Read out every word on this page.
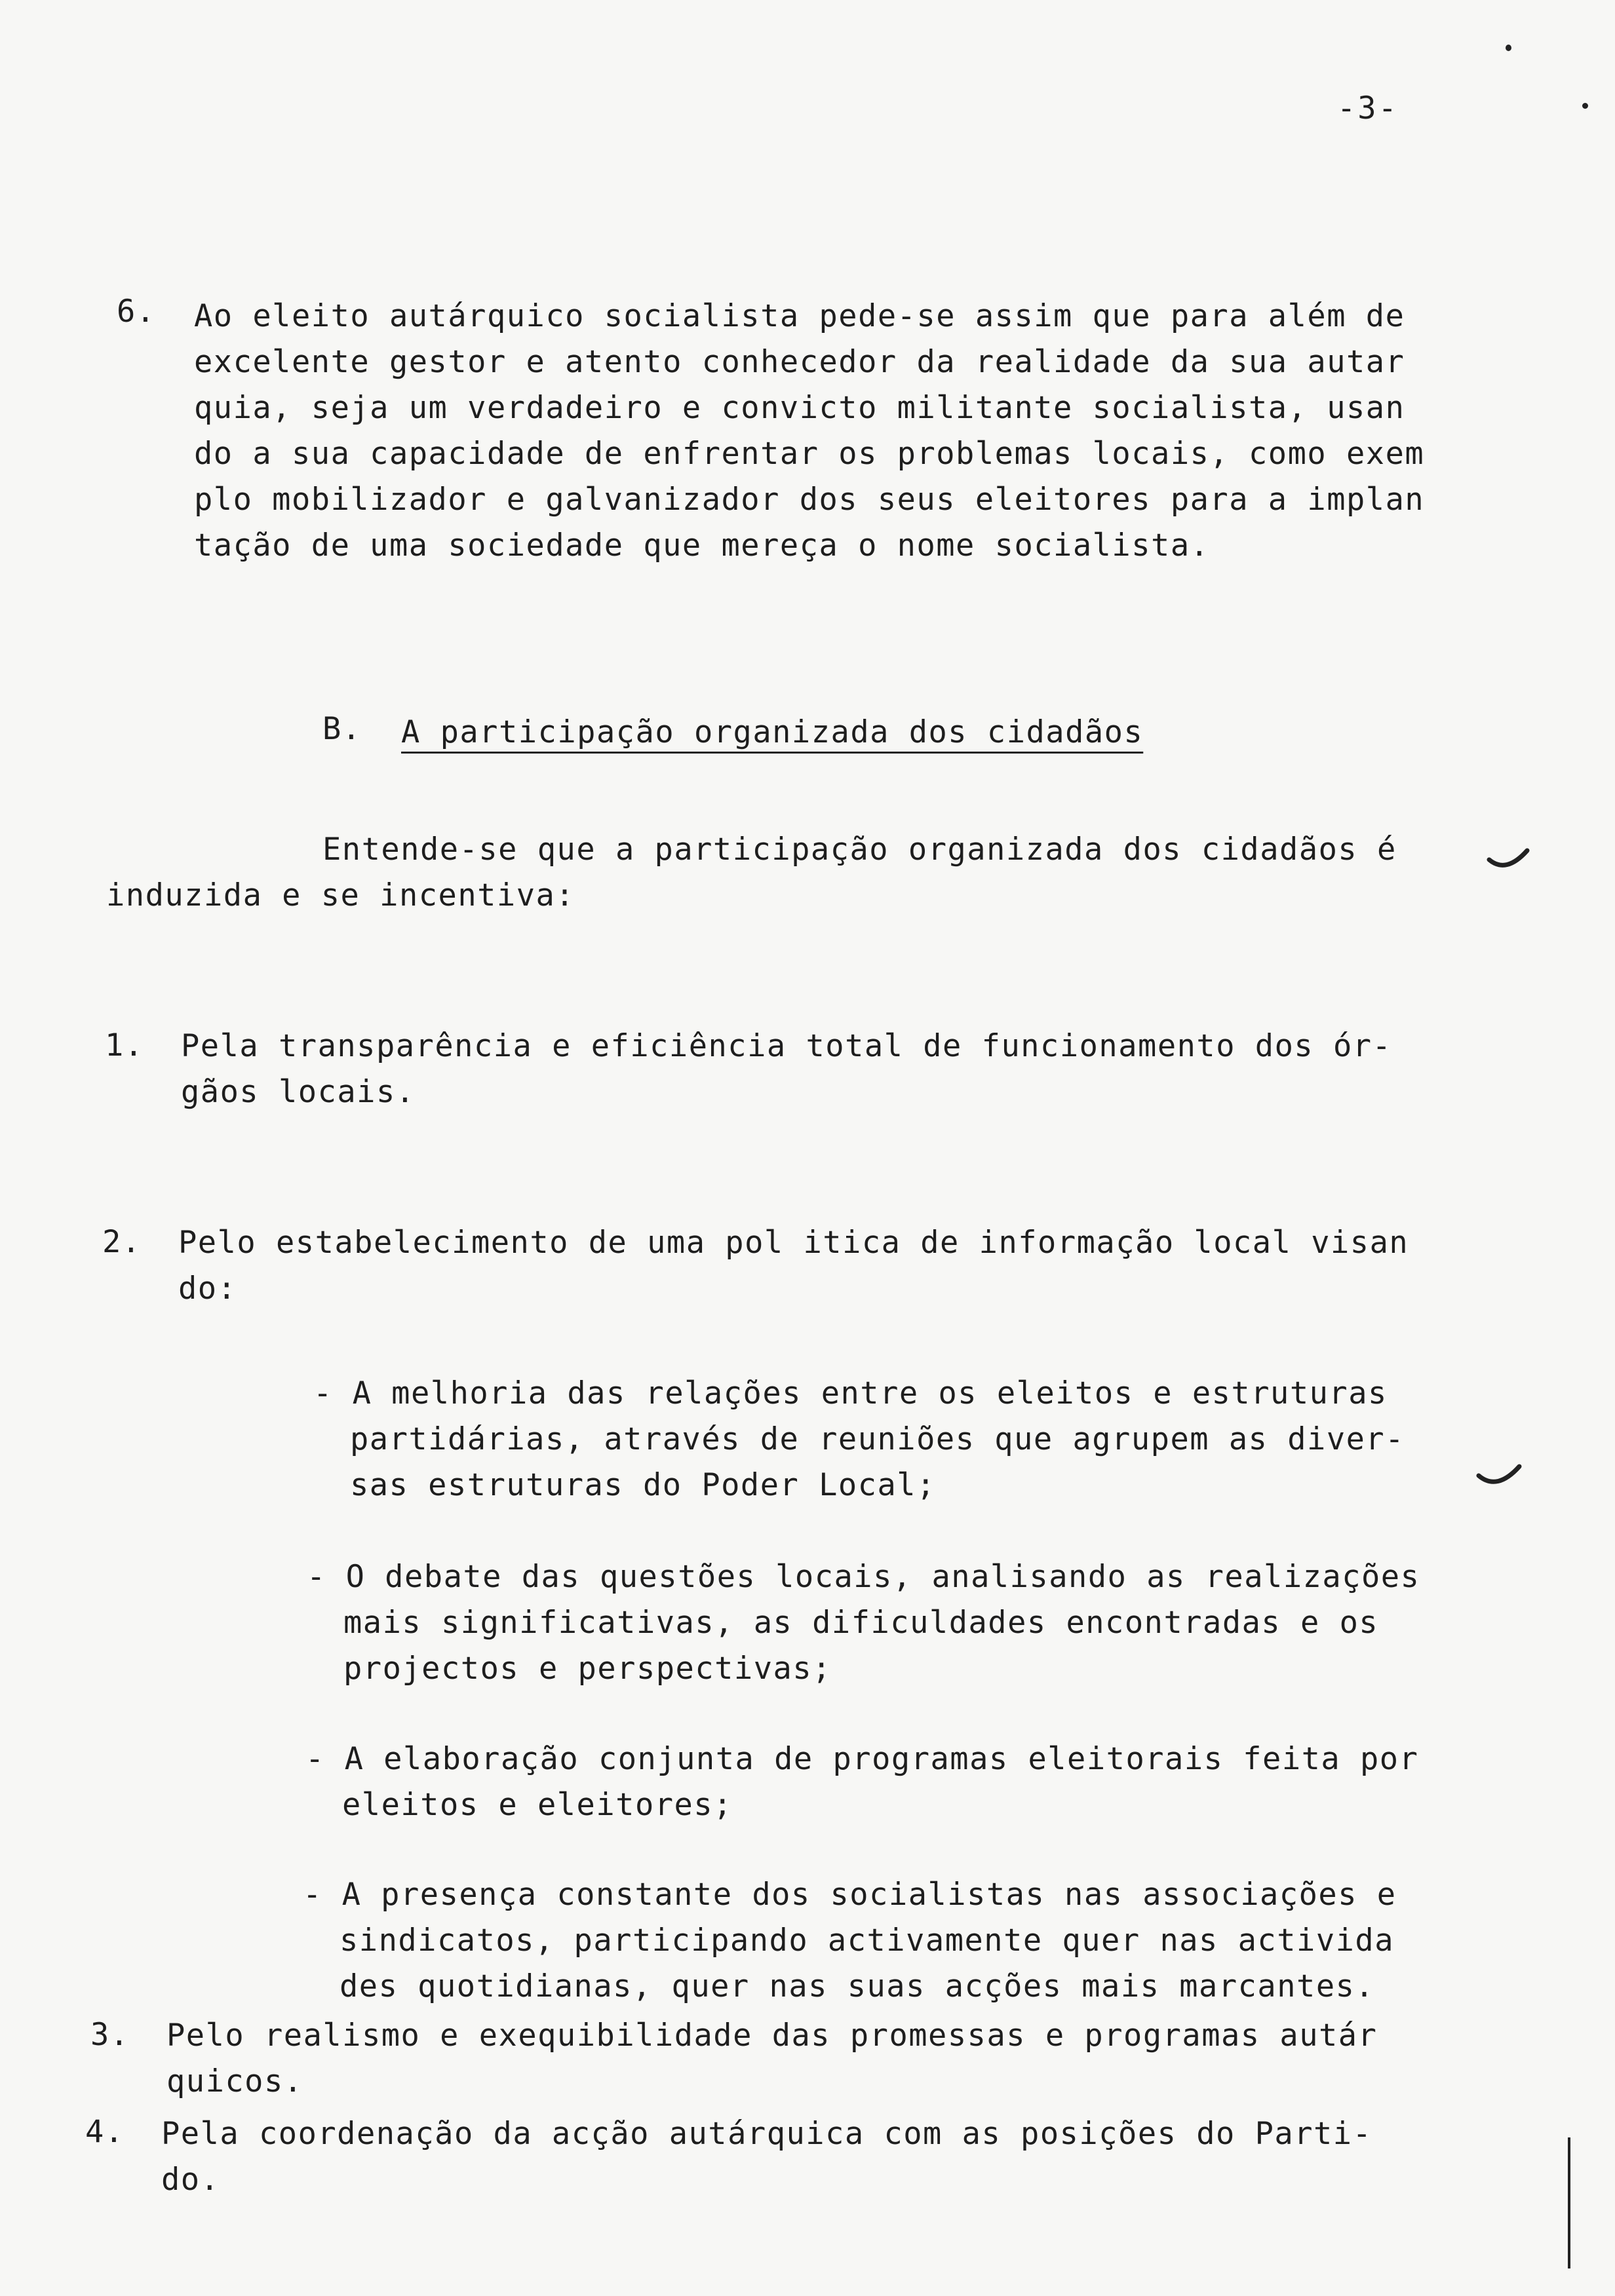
-3-
6. Ao eleito autárquico socialista pede-se assim que para além de
excelente gestor e atento conhecedor da realidade da sua autar
quia, seja um verdadeiro e convicto militante socialista, usan
do a sua capacidade de enfrentar os problemas locais, como exem
plo mobilizador e galvanizador dos seus eleitores para a implan
tação de uma sociedade que mereça o nome socialista.
B. A participação organizada dos cidadãos
Entende-se que a participação organizada dos cidadãos é
induzida e se incentiva:
1. Pela transparência e eficiência total de funcionamento dos ór-
gãos locais.
2. Pelo estabelecimento de uma pol itica de informação local visan
do:
- A melhoria das relações entre os eleitos e estruturas
partidárias, através de reuniões que agrupem as diver-
sas estruturas do Poder Local;
- O debate das questões locais, analisando as realizações
mais significativas, as dificuldades encontradas e os
projectos e perspectivas;
- A elaboração conjunta de programas eleitorais feita por
eleitos e eleitores;
- A presença constante dos socialistas nas associações e
sindicatos, participando activamente quer nas activida
des quotidianas, quer nas suas acções mais marcantes.
3. Pelo realismo e exequibilidade das promessas e programas autár
quicos.
4. Pela coordenação da acção autárquica com as posições do Parti-
do.
